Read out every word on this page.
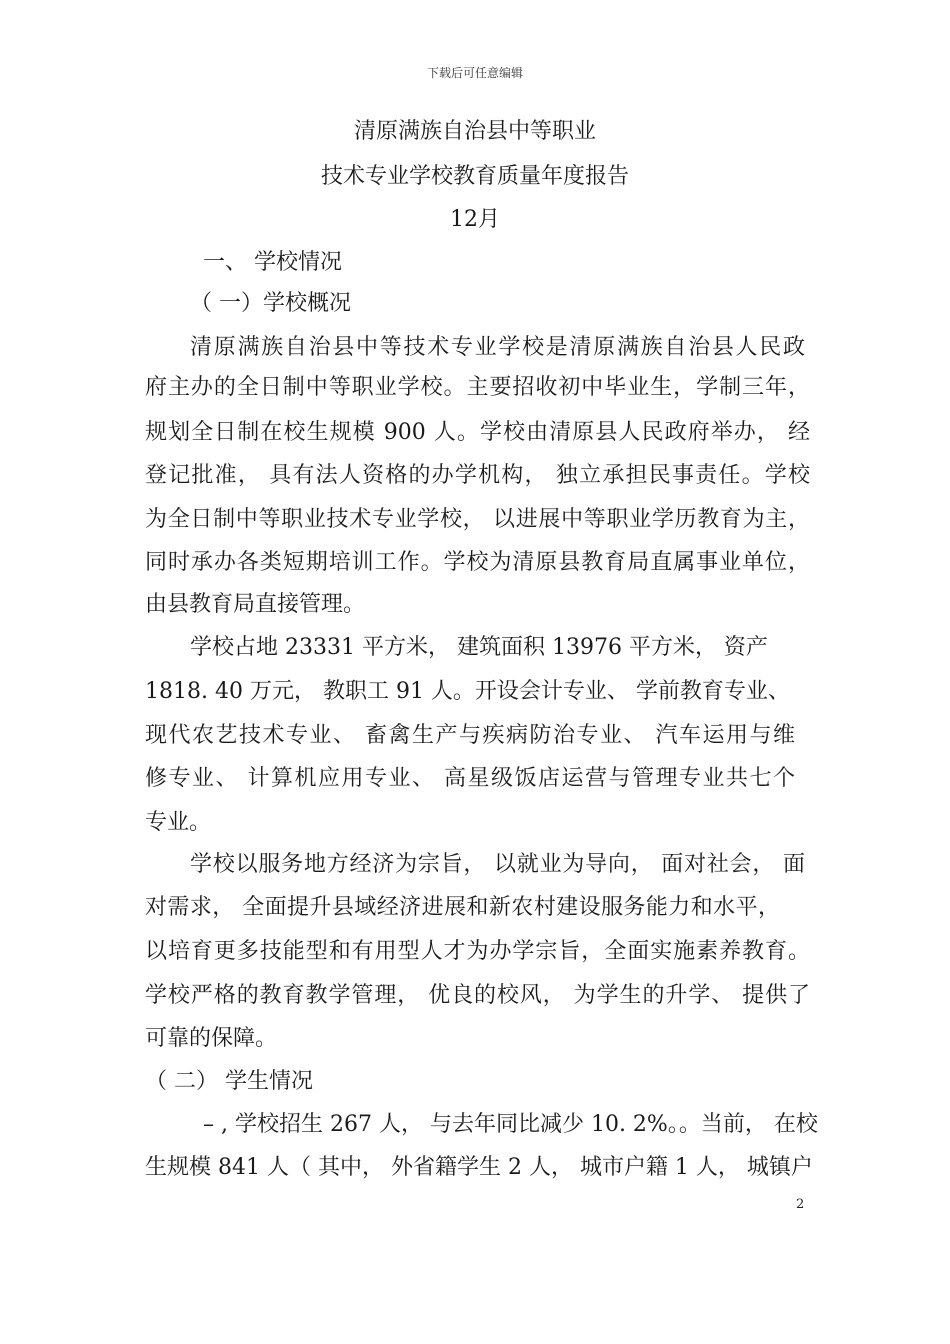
下载后可任意编辑
清原满族自治县中等职业
技术专业学校教育质量年度报告
12月
一、 学校情况
（ 一）学校概况
清原满族自治县中等技术专业学校是清原满族自治县人民政
府主办的全日制中等职业学校。主要招收初中毕业生，学制三年，
规划全日制在校生规模 900 人。学校由清原县人民政府举办， 经
登记批准， 具有法人资格的办学机构， 独立承担民事责任。学校
为全日制中等职业技术专业学校， 以进展中等职业学历教育为主，
同时承办各类短期培训工作。学校为清原县教育局直属事业单位，
由县教育局直接管理。
学校占地 23331 平方米， 建筑面积 13976 平方米， 资产
1818. 40 万元， 教职工 91 人。开设会计专业、 学前教育专业、
现代农艺技术专业、 畜禽生产与疾病防治专业、 汽车运用与维
修专业、 计算机应用专业、 高星级饭店运营与管理专业共七个
专业。
学校以服务地方经济为宗旨， 以就业为导向， 面对社会， 面
对需求， 全面提升县域经济进展和新农村建设服务能力和水平，
以培育更多技能型和有用型人才为办学宗旨，全面实施素养教育。
学校严格的教育教学管理， 优良的校风， 为学生的升学、 提供了
可靠的保障。
（ 二） 学生情况
– , 学校招生 267 人， 与去年同比减少 10. 2%。。当前， 在校
生规模 841 人（ 其中， 外省籍学生 2 人， 城市户籍 1 人， 城镇户
2
